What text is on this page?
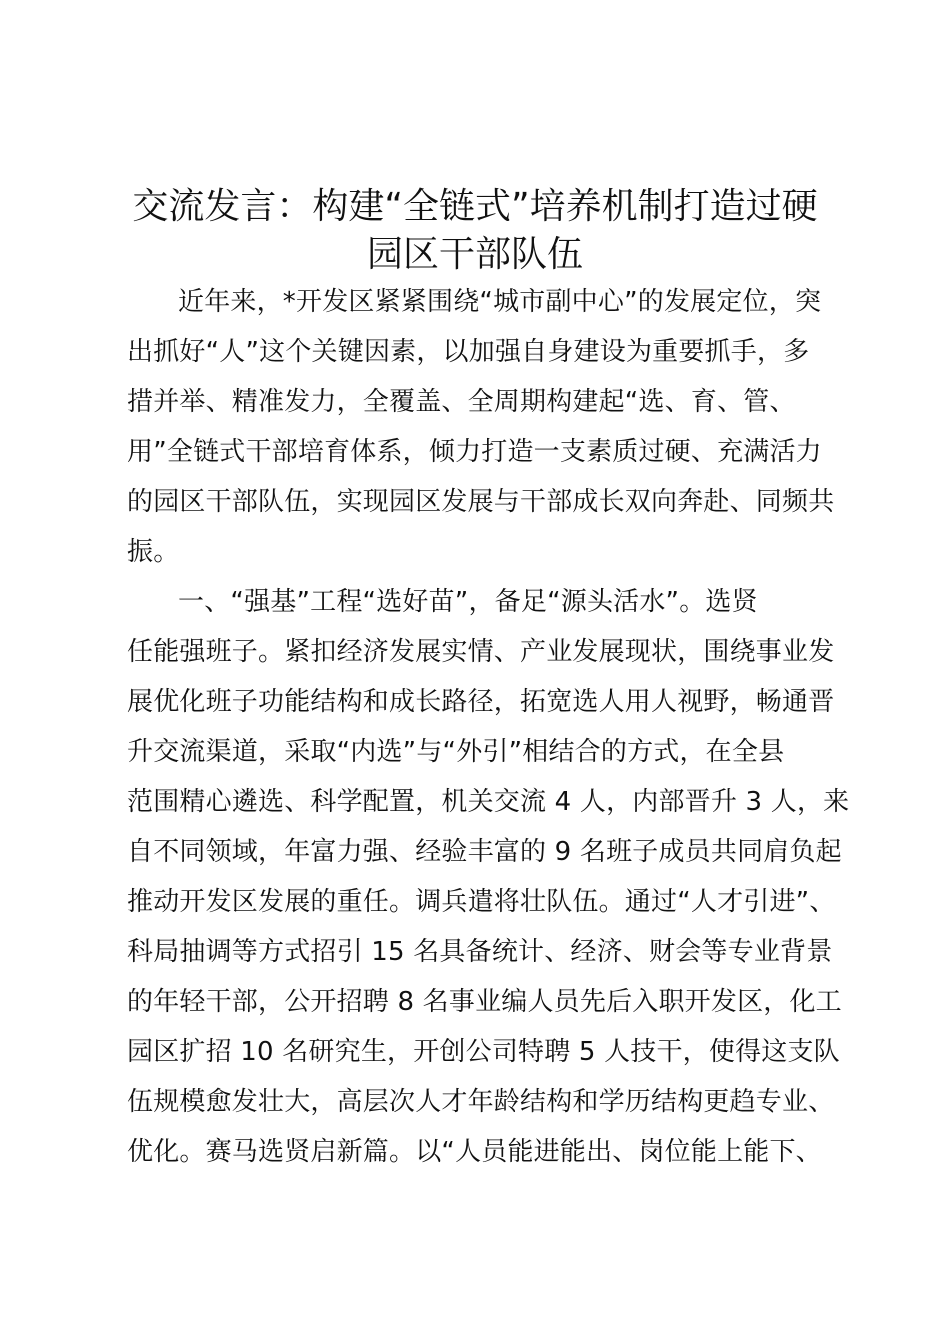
交流发言：构建“全链式”培养机制打造过硬
园区干部队伍
近年来，*开发区紧紧围绕“城市副中心”的发展定位，突
出抓好“人”这个关键因素，以加强自身建设为重要抓手，多
措并举、精准发力，全覆盖、全周期构建起“选、育、管、
用”全链式干部培育体系，倾力打造一支素质过硬、充满活力
的园区干部队伍，实现园区发展与干部成长双向奔赴、同频共
振。
一、“强基”工程“选好苗”，备足“源头活水”。选贤
任能强班子。紧扣经济发展实情、产业发展现状，围绕事业发
展优化班子功能结构和成长路径，拓宽选人用人视野，畅通晋
升交流渠道，采取“内选”与“外引”相结合的方式，在全县
范围精心遴选、科学配置，机关交流 4 人，内部晋升 3 人，来
自不同领域，年富力强、经验丰富的 9 名班子成员共同肩负起
推动开发区发展的重任。调兵遣将壮队伍。通过“人才引进”、
科局抽调等方式招引 15 名具备统计、经济、财会等专业背景
的年轻干部，公开招聘 8 名事业编人员先后入职开发区，化工
园区扩招 10 名研究生，开创公司特聘 5 人技干，使得这支队
伍规模愈发壮大，高层次人才年龄结构和学历结构更趋专业、
优化。赛马选贤启新篇。以“人员能进能出、岗位能上能下、
